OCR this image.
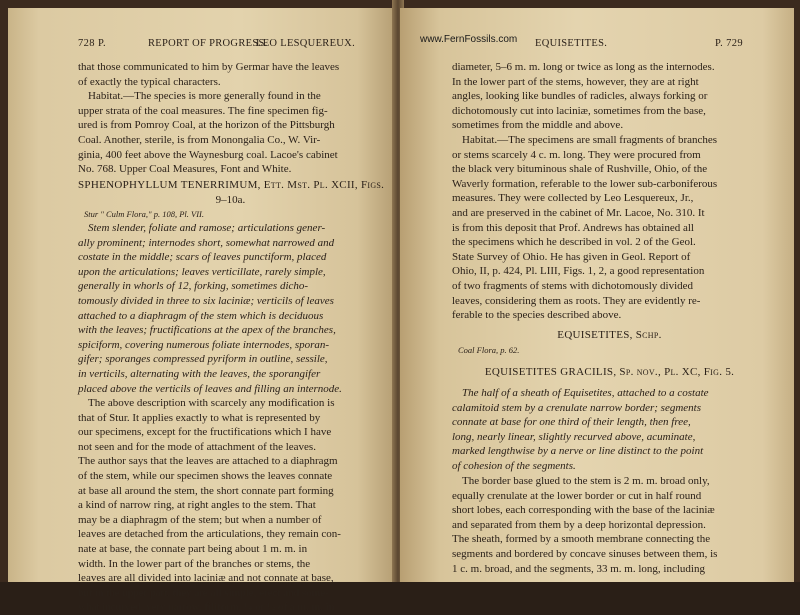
728 P.	REPORT OF PROGRESS.
LEO LESQUEREUX.
that those communicated to him by Germar have the leaves
of exactly the typical characters.
Habitat.—The species is more generally found in the
upper strata of the coal measures. The fine specimen fig-
ured is from Pomroy Coal, at the horizon of the Pittsburgh
Coal. Another, sterile, is from Monongalia Co., W. Vir-
ginia, 400 feet above the Waynesburg coal. Lacoe's cabinet
No. 768. Upper Coal Measures, Font and White.
SPHENOPHYLLUM TENERRIMUM, Ett. Mst. Pl. XCII, Figs.
9–10a.
Stur " Culm Flora," p. 108, Pl. VII.
Stem slender, foliate and ramose; articulations gener-
ally prominent; internodes short, somewhat narrowed and
costate in the middle; scars of leaves punctiform, placed
upon the articulations; leaves verticillate, rarely simple,
generally in whorls of 12, forking, sometimes dicho-
tomously divided in three to six laciniæ; verticils of leaves
attached to a diaphragm of the stem which is deciduous
with the leaves; fructifications at the apex of the branches,
spiciform, covering numerous foliate internodes, sporan-
gifer; sporanges compressed pyriform in outline, sessile,
in verticils, alternating with the leaves, the sporangifer
placed above the verticils of leaves and filling an internode.
The above description with scarcely any modification is
that of Stur. It applies exactly to what is represented by
our specimens, except for the fructifications which I have
not seen and for the mode of attachment of the leaves.
The author says that the leaves are attached to a diaphragm
of the stem, while our specimen shows the leaves connate
at base all around the stem, the short connate part forming
a kind of narrow ring, at right angles to the stem. That
may be a diaphragm of the stem; but when a number of
leaves are detached from the articulations, they remain con-
nate at base, the connate part being about 1 m. m. in
width. In the lower part of the branches or stems, the
leaves are all divided into laciniæ and not connate at base,
but in the upper part, they are all simple, erect and some-
what incurved, very narrow, filiform, ¼ or ½ of a m. m. in
EQUISETITES.	P. 729
diameter, 5–6 m. m. long or twice as long as the internodes.
In the lower part of the stems, however, they are at right
angles, looking like bundles of radicles, always forking or
dichotomously cut into laciniæ, sometimes from the base,
sometimes from the middle and above.
Habitat.—The specimens are small fragments of branches
or stems scarcely 4 c. m. long. They were procured from
the black very bituminous shale of Rushville, Ohio, of the
Waverly formation, referable to the lower sub-carboniferous
measures. They were collected by Leo Lesquereux, Jr.,
and are preserved in the cabinet of Mr. Lacoe, No. 310. It
is from this deposit that Prof. Andrews has obtained all
the specimens which he described in vol. 2 of the Geol.
State Survey of Ohio. He has given in Geol. Report of
Ohio, II, p. 424, Pl. LIII, Figs. 1, 2, a good representation
of two fragments of stems with dichotomously divided
leaves, considering them as roots. They are evidently re-
ferable to the species described above.
EQUISETITES, Schp.
Coal Flora, p. 62.
EQUISETITES GRACILIS, Sp. nov., Pl. XC, Fig. 5.
The half of a sheath of Equisetites, attached to a costate
calamitoid stem by a crenulate narrow border; segments
connate at base for one third of their length, then free,
long, nearly linear, slightly recurved above, acuminate,
marked lengthwise by a nerve or line distinct to the point
of cohesion of the segments.
The border base glued to the stem is 2 m. m. broad only,
equally crenulate at the lower border or cut in half round
short lobes, each corresponding with the base of the laciniæ
and separated from them by a deep horizontal depression.
The sheath, formed by a smooth membrane connecting the
segments and bordered by concave sinuses between them, is
1 c. m. broad, and the segments, 33 m. m. long, including
www.FernFossils.com
